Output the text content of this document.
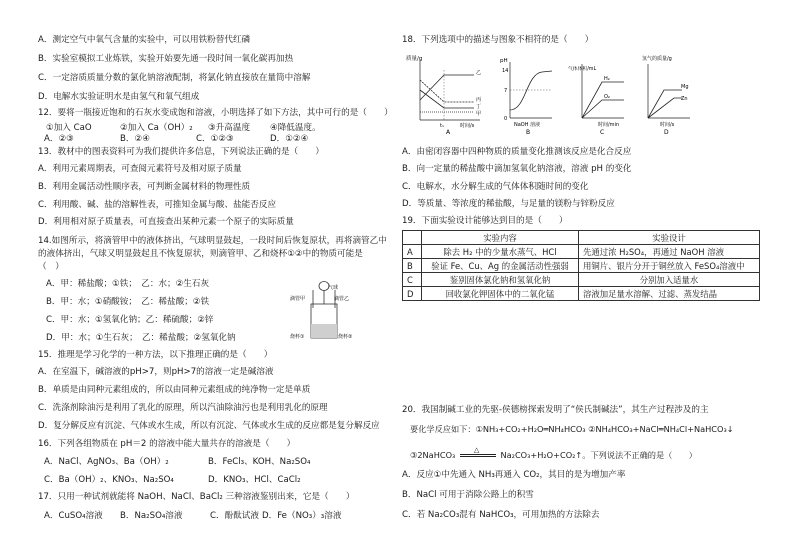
A．测定空气中氧气含量的实验中，可以用铁粉替代红磷
B．实验室模拟工业炼铁，实验开始要先通一段时间一氧化碳再加热
C．一定溶质质量分数的氯化钠溶液配制，将氯化钠直接放在量筒中溶解
D．电解水实验证明水是由氢气和氧气组成
12．要将一瓶接近饱和的石灰水变成饱和溶液，小明选择了如下方法，其中可行的是（　　）
①加入 CaO	②加入 Ca（OH）₂ ③升高温度 ④降低温度。
A．②③	B．②④	C．①②③	D．①②④
13．教材中的图表资料可为我们提供许多信息，下列说法正确的是（　　）
A．利用元素周期表，可查阅元素符号及相对原子质量
B．利用金属活动性顺序表，可判断金属材料的物理性质
C．利用酸、碱、盐的溶解性表，可推知金属与酸、盐能否反应
D．利用相对原子质量表，可直接查出某种元素一个原子的实际质量
14.如图所示，将滴管甲中的液体挤出，气球明显鼓起，一段时间后恢复原状，再将滴管乙中
的液体挤出，气球又明显鼓起且不恢复原状，则滴管甲、乙和烧杯①②中的物质可能是
（　）
A．甲：稀盐酸；①铁；　乙：水；②生石灰
B．甲：水；①硝酸铵；　乙：稀盐酸；②铁
C．甲：水；①氢氧化钠；乙：稀硫酸；②锌
D．甲：水；①生石灰；　乙：稀盐酸；②氢氧化钠
气球
滴管甲	滴管乙
烧杯①	烧杯②
15．推理是学习化学的一种方法，以下推理正确的是（　　）
A．在室温下，碱溶液的pH>7，则pH>7的溶液一定是碱溶液
B．单质是由同种元素组成的，所以由同种元素组成的纯净物一定是单质
C．洗涤剂除油污是利用了乳化的原理，所以汽油除油污也是利用乳化的原理
D．复分解反应有沉淀、气体或水生成，所以有沉淀、气体或水生成的反应都是复分解反应
16．下列各组物质在 pH＝2 的溶液中能大量共存的溶液是（　　）
A．NaCl、AgNO₃、Ba（OH）₂	B．FeCl₃、KOH、Na₂SO₄
C．Ba（OH）₂、KNO₃、Na₂SO₄	D．KNO₃、HCl、CaCl₂
17．只用一种试剂就能将 NaOH、NaCl、BaCl₂ 三种溶液鉴别出来，它是（　　）
A．CuSO₄溶液 B．Na₂SO₄溶液	C．酚酞试液 D．Fe（NO₃）₃溶液
18．下列选项中的描述与图象不相符的是（　　）
质量/g
时间/s
t₁
乙
丙
丁
甲
A
pH
14
7
0
NaOH 溶液
B
气体体积/mL
H₂
O₂
时间/min
C
氢气的质量/g
Mg
Zn
时间/s
D
A．由密闭容器中四种物质的质量变化推测该反应是化合反应
B．向一定量的稀盐酸中滴加氢氧化钠溶液，溶液 pH 的变化
C．电解水，水分解生成的气体体积随时间的变化
D．等质量、等浓度的稀盐酸，与足量的镁粉与锌粉反应
19．下面实验设计能够达到目的是（　　）
	实验内容	实验设计
A	除去 H₂ 中的少量水蒸气、HCl	先通过浓 H₂SO₄，再通过 NaOH 溶液
B	验证 Fe、Cu、Ag 的金属活动性强弱	用铜片、银片分开于铜丝放入 FeSO₄溶液中
C	鉴别固体氯化钠和氢氧化钠	分别加入适量水
D	回收氯化钾固体中的二氧化锰	溶液加足量水溶解、过滤、蒸发结晶
20．我国制碱工业的先驱-侯德榜探索发明了“侯氏制碱法”，其生产过程涉及的主
要化学反应如下：①NH₃+CO₂+H₂O═NH₄HCO₃ ②NH₄HCO₃+NaCl═NH₄Cl+NaHCO₃↓
③2NaHCO₃
△
Na₂CO₃+H₂O+CO₂↑。下列说法不正确的是（　　）
A．反应①中先通入 NH₃再通入 CO₂，其目的是为增加产率
B．NaCl 可用于消除公路上的积雪
C．若 Na₂CO₃混有 NaHCO₃，可用加热的方法除去
